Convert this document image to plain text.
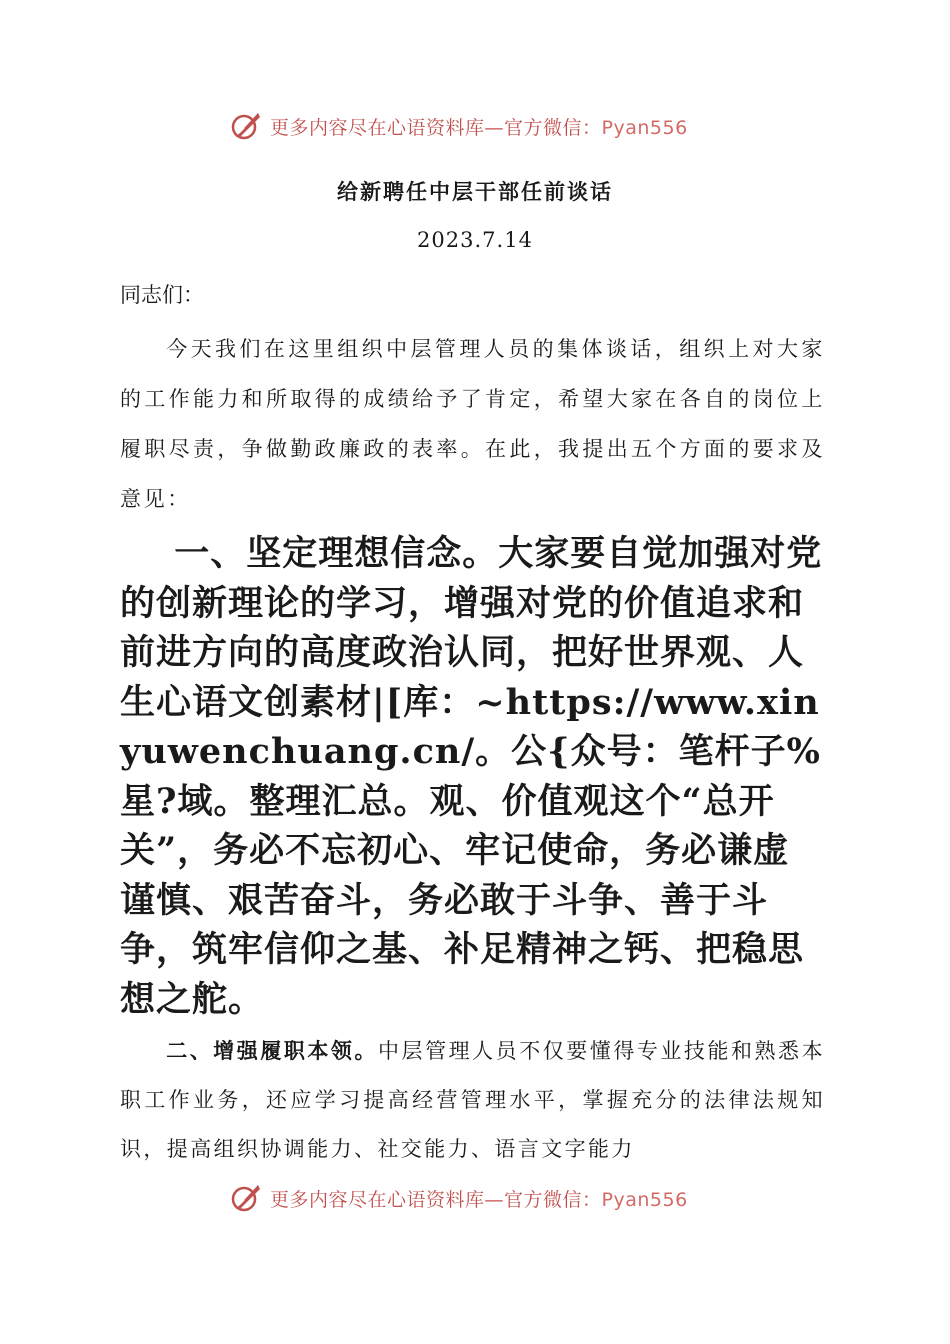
更多内容尽在心语资料库—官方微信：Pyan556
给新聘任中层干部任前谈话
2023.7.14

同志们：

今天我们在这里组织中层管理人员的集体谈话，组织上对大家的工作能力和所取得的成绩给予了肯定，希望大家在各自的岗位上履职尽责，争做勤政廉政的表率。在此，我提出五个方面的要求及意见：

一、坚定理想信念。大家要自觉加强对党的创新理论的学习，增强对党的价值追求和前进方向的高度政治认同，把好世界观、人生心语文创素材|[库：~https://www.xinyuwenchuang.cn/。公{众号：笔杆子%星?域。整理汇总。观、价值观这个“总开关”，务必不忘初心、牢记使命，务必谦虚谨慎、艰苦奋斗，务必敢于斗争、善于斗争，筑牢信仰之基、补足精神之钙、把稳思想之舵。

二、增强履职本领。中层管理人员不仅要懂得专业技能和熟悉本职工作业务，还应学习提高经营管理水平，掌握充分的法律法规知识，提高组织协调能力、社交能力、语言文字能力

更多内容尽在心语资料库—官方微信：Pyan556
